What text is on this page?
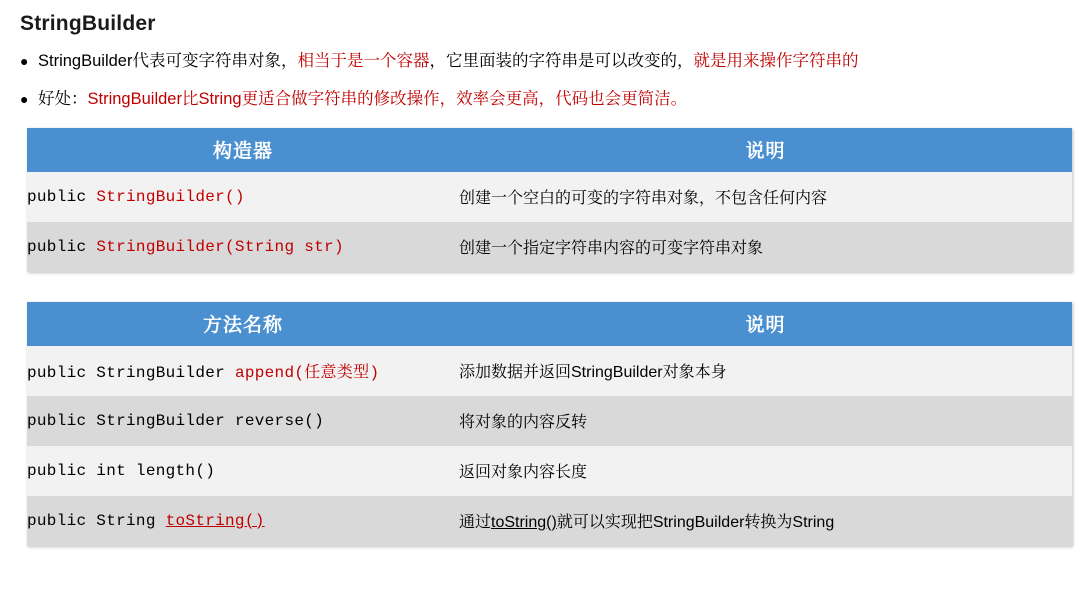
StringBuilder
● StringBuilder代表可变字符串对象，相当于是一个容器，它里面装的字符串是可以改变的，就是用来操作字符串的
● 好处：StringBuilder比String更适合做字符串的修改操作，效率会更高，代码也会更简洁。
构造器	说明
public StringBuilder()	创建一个空白的可变的字符串对象，不包含任何内容
public StringBuilder(String str)	创建一个指定字符串内容的可变字符串对象
方法名称	说明
public StringBuilder append(任意类型)	添加数据并返回StringBuilder对象本身
public StringBuilder reverse()	将对象的内容反转
public int length()	返回对象内容长度
public String toString()	通过toString()就可以实现把StringBuilder转换为String
